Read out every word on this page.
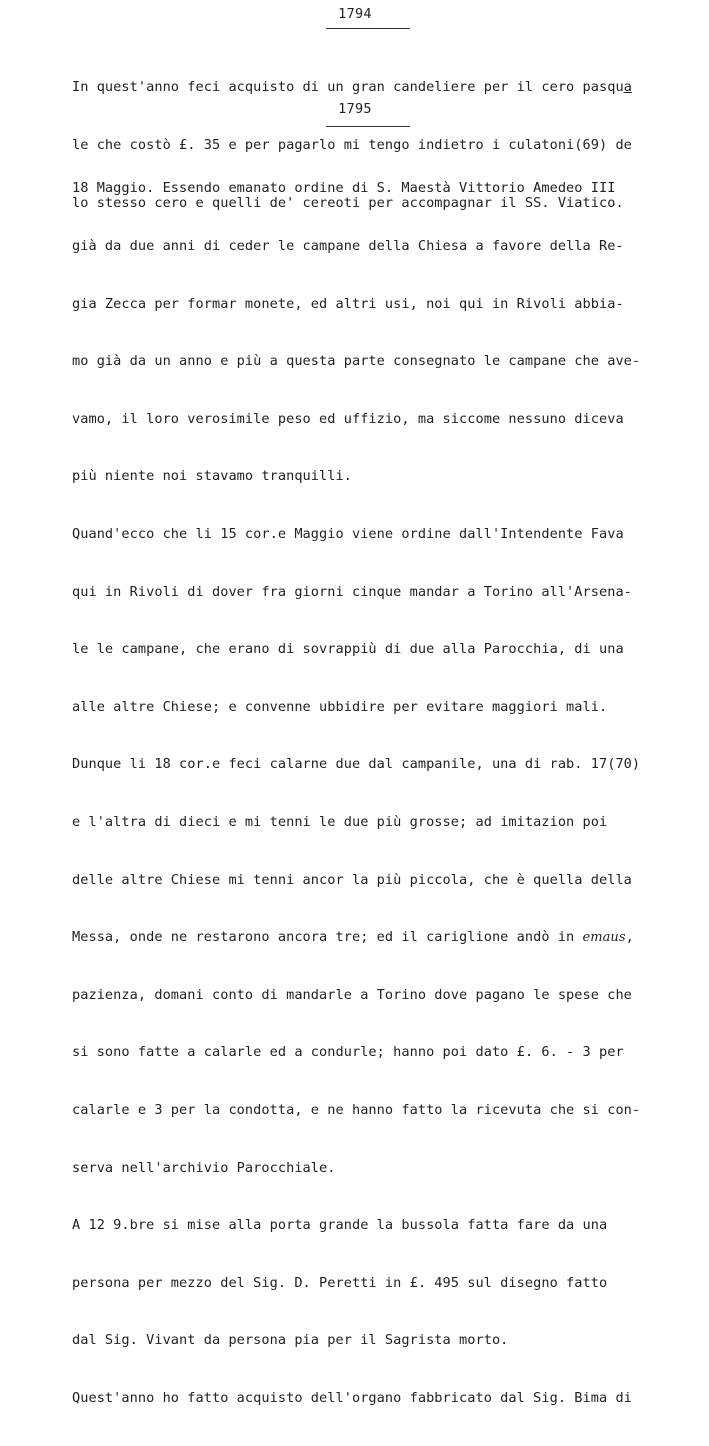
1794

In quest'anno feci acquisto di un gran candeliere per il cero pasqua

le che costò £. 35 e per pagarlo mi tengo indietro i culatoni(69) de

lo stesso cero e quelli de' cereoti per accompagnar il SS. Viatico.

1795

18 Maggio. Essendo emanato ordine di S. Maestà Vittorio Amedeo III

già da due anni di ceder le campane della Chiesa a favore della Re-

gia Zecca per formar monete, ed altri usi, noi qui in Rivoli abbia-

mo già da un anno e più a questa parte consegnato le campane che ave-

vamo, il loro verosimile peso ed uffizio, ma siccome nessuno diceva

più niente noi stavamo tranquilli.

Quand'ecco che li 15 cor.e Maggio viene ordine dall'Intendente Fava

qui in Rivoli di dover fra giorni cinque mandar a Torino all'Arsena-

le le campane, che erano di sovrappiù di due alla Parocchia, di una

alle altre Chiese; e convenne ubbidire per evitare maggiori mali.

Dunque li 18 cor.e feci calarne due dal campanile, una di rab. 17(70)

e l'altra di dieci e mi tenni le due più grosse; ad imitazion poi

delle altre Chiese mi tenni ancor la più piccola, che è quella della

Messa, onde ne restarono ancora tre; ed il cariglione andò in emaus,

pazienza, domani conto di mandarle a Torino dove pagano le spese che

si sono fatte a calarle ed a condurle; hanno poi dato £. 6. - 3 per

calarle e 3 per la condotta, e ne hanno fatto la ricevuta che si con-

serva nell'archivio Parocchiale.

A 12 9.bre si mise alla porta grande la bussola fatta fare da una

persona per mezzo del Sig. D. Peretti in £. 495 sul disegno fatto

dal Sig. Vivant da persona pia per il Sagrista morto.

Quest'anno ho fatto acquisto dell'organo fabbricato dal Sig. Bima di
